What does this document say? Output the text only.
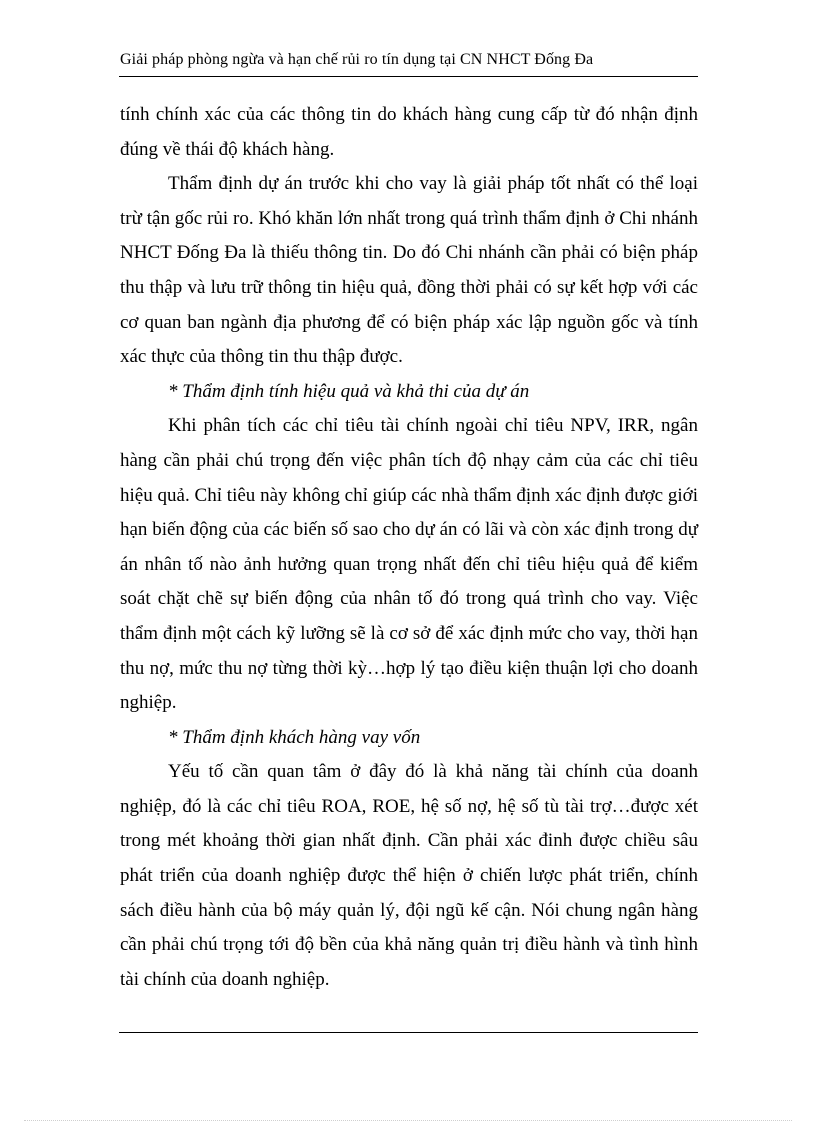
Giải pháp phòng ngừa và hạn chế rủi ro tín dụng tại CN NHCT Đống Đa

tính chính xác của các thông tin do khách hàng cung cấp từ đó nhận định đúng về thái độ khách hàng.

Thẩm định dự án trước khi cho vay là giải pháp tốt nhất có thể loại trừ tận gốc rủi ro. Khó khăn lớn nhất trong quá trình thẩm định ở Chi nhánh NHCT Đống Đa là thiếu thông tin. Do đó Chi nhánh cần phải có biện pháp thu thập và lưu trữ thông tin hiệu quả, đồng thời phải có sự kết hợp với các cơ quan ban ngành địa phương để có biện pháp xác lập nguồn gốc và tính xác thực của thông tin thu thập được.

* Thẩm định tính hiệu quả và khả thi của dự án

Khi phân tích các chỉ tiêu tài chính ngoài chỉ tiêu NPV, IRR, ngân hàng cần phải chú trọng đến việc phân tích độ nhạy cảm của các chỉ tiêu hiệu quả. Chỉ tiêu này không chỉ giúp các nhà thẩm định xác định được giới hạn biến động của các biến số sao cho dự án có lãi và còn xác định trong dự án nhân tố nào ảnh hưởng quan trọng nhất đến chỉ tiêu hiệu quả để kiểm soát chặt chẽ sự biến động của nhân tố đó trong quá trình cho vay. Việc thẩm định một cách kỹ lưỡng sẽ là cơ sở để xác định mức cho vay, thời hạn thu nợ, mức thu nợ từng thời kỳ…hợp lý tạo điều kiện thuận lợi cho doanh nghiệp.

* Thẩm định khách hàng vay vốn

Yếu tố cần quan tâm ở đây đó là khả năng tài chính của doanh nghiệp, đó là các chỉ tiêu ROA, ROE, hệ số nợ, hệ số tù tài trợ…được xét trong mét khoảng thời gian nhất định. Cần phải xác đinh được chiều sâu phát triển của doanh nghiệp được thể hiện ở chiến lược phát triển, chính sách điều hành của bộ máy quản lý, đội ngũ kế cận. Nói chung ngân hàng cần phải chú trọng tới độ bền của khả năng quản trị điều hành và tình hình tài chính của doanh nghiệp.
